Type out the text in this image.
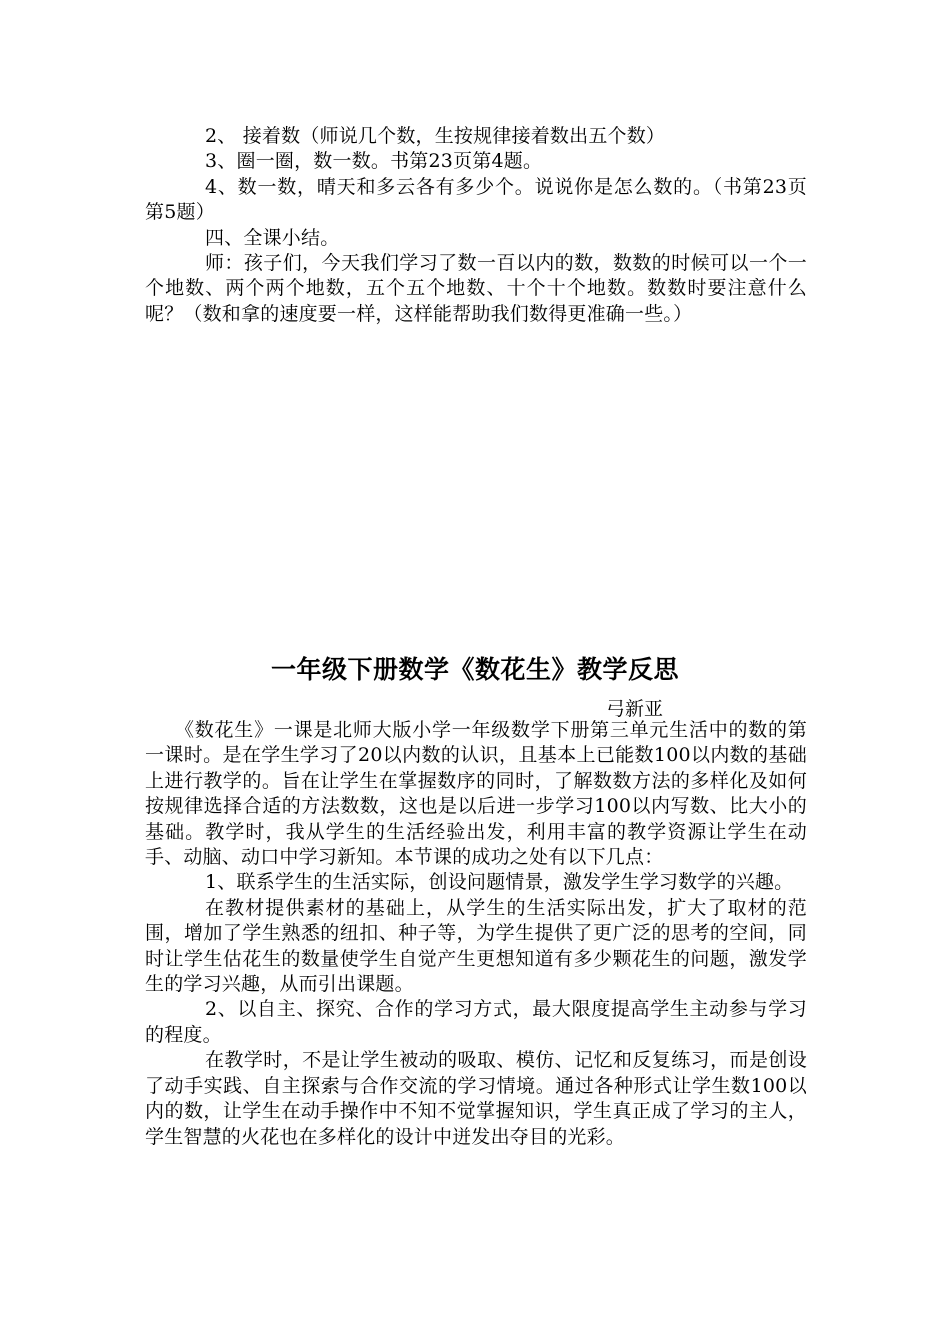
2、 接着数（师说几个数，生按规律接着数出五个数）

3、圈一圈，数一数。书第23页第4题。

4、数一数，晴天和多云各有多少个。说说你是怎么数的。（书第23页第5题）

四、全课小结。

师：孩子们，今天我们学习了数一百以内的数，数数的时候可以一个一个地数、两个两个地数，五个五个地数、十个十个地数。数数时要注意什么呢？（数和拿的速度要一样，这样能帮助我们数得更准确一些。）

一年级下册数学《数花生》教学反思
弓新亚

《数花生》一课是北师大版小学一年级数学下册第三单元生活中的数的第一课时。是在学生学习了20以内数的认识，且基本上已能数100以内数的基础上进行教学的。旨在让学生在掌握数序的同时，了解数数方法的多样化及如何按规律选择合适的方法数数，这也是以后进一步学习100以内写数、比大小的基础。教学时，我从学生的生活经验出发，利用丰富的教学资源让学生在动手、动脑、动口中学习新知。本节课的成功之处有以下几点：

1、联系学生的生活实际，创设问题情景，激发学生学习数学的兴趣。

在教材提供素材的基础上，从学生的生活实际出发，扩大了取材的范围，增加了学生熟悉的纽扣、种子等，为学生提供了更广泛的思考的空间，同时让学生估花生的数量使学生自觉产生更想知道有多少颗花生的问题，激发学生的学习兴趣，从而引出课题。

2、以自主、探究、合作的学习方式，最大限度提高学生主动参与学习的程度。

在教学时，不是让学生被动的吸取、模仿、记忆和反复练习，而是创设了动手实践、自主探索与合作交流的学习情境。通过各种形式让学生数100以内的数，让学生在动手操作中不知不觉掌握知识，学生真正成了学习的主人，学生智慧的火花也在多样化的设计中迸发出夺目的光彩。
